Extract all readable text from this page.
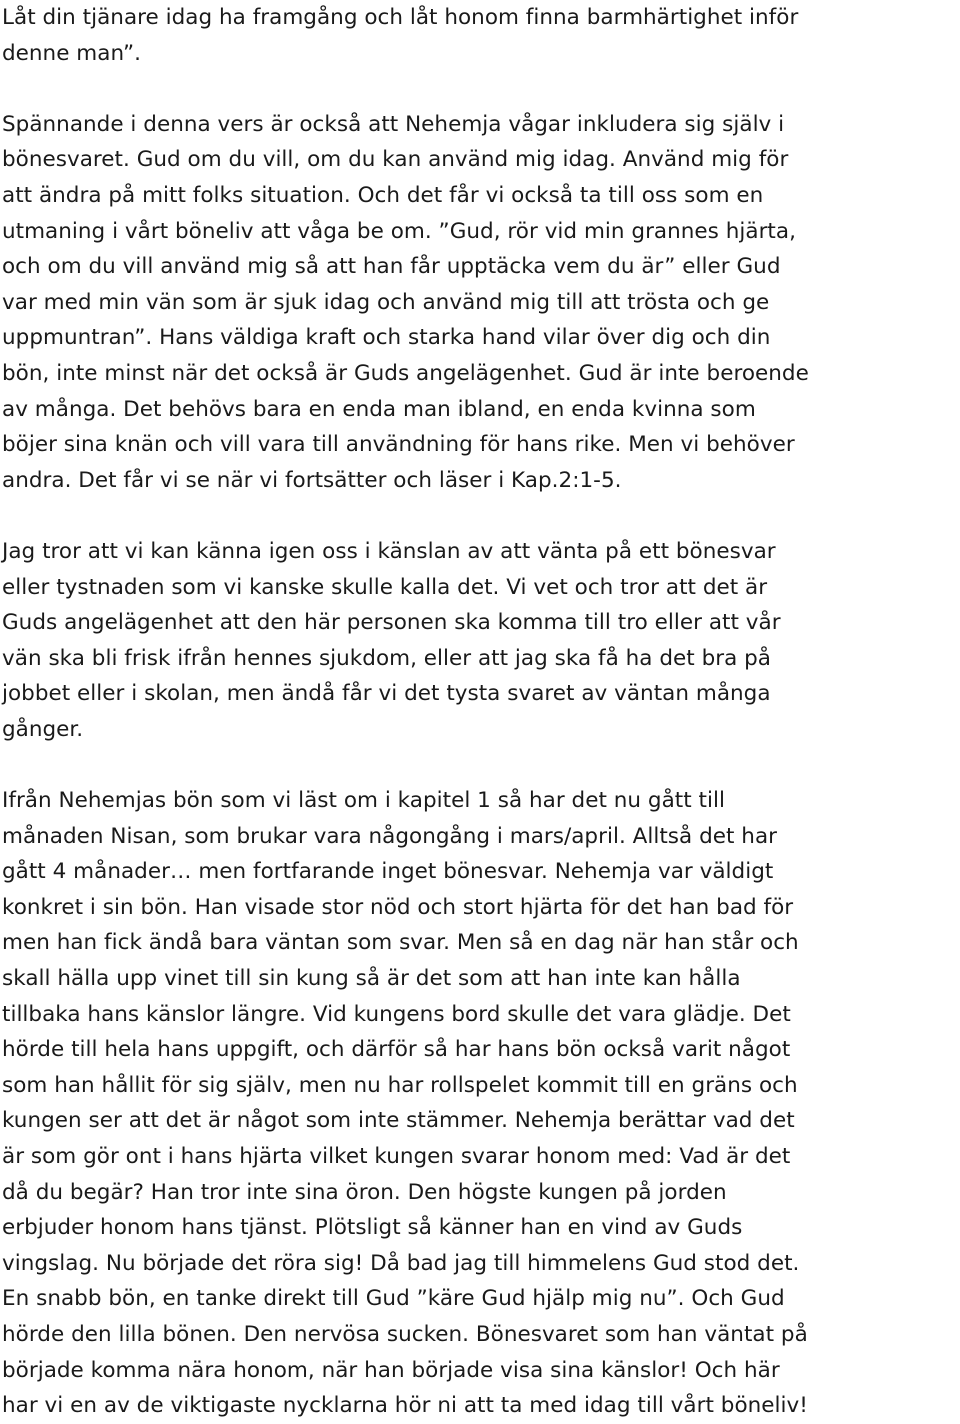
Låt din tjänare idag ha framgång och låt honom finna barmhärtighet inför
denne man”.

Spännande i denna vers är också att Nehemja vågar inkludera sig själv i
bönesvaret. Gud om du vill, om du kan använd mig idag. Använd mig för
att ändra på mitt folks situation. Och det får vi också ta till oss som en
utmaning i vårt böneliv att våga be om. ”Gud, rör vid min grannes hjärta,
och om du vill använd mig så att han får upptäcka vem du är” eller Gud
var med min vän som är sjuk idag och använd mig till att trösta och ge
uppmuntran”. Hans väldiga kraft och starka hand vilar över dig och din
bön, inte minst när det också är Guds angelägenhet. Gud är inte beroende
av många. Det behövs bara en enda man ibland, en enda kvinna som
böjer sina knän och vill vara till användning för hans rike. Men vi behöver
andra. Det får vi se när vi fortsätter och läser i Kap.2:1-5.

Jag tror att vi kan känna igen oss i känslan av att vänta på ett bönesvar
eller tystnaden som vi kanske skulle kalla det. Vi vet och tror att det är
Guds angelägenhet att den här personen ska komma till tro eller att vår
vän ska bli frisk ifrån hennes sjukdom, eller att jag ska få ha det bra på
jobbet eller i skolan, men ändå får vi det tysta svaret av väntan många
gånger.

Ifrån Nehemjas bön som vi läst om i kapitel 1 så har det nu gått till
månaden Nisan, som brukar vara någongång i mars/april. Alltså det har
gått 4 månader… men fortfarande inget bönesvar. Nehemja var väldigt
konkret i sin bön. Han visade stor nöd och stort hjärta för det han bad för
men han fick ändå bara väntan som svar. Men så en dag när han står och
skall hälla upp vinet till sin kung så är det som att han inte kan hålla
tillbaka hans känslor längre. Vid kungens bord skulle det vara glädje. Det
hörde till hela hans uppgift, och därför så har hans bön också varit något
som han hållit för sig själv, men nu har rollspelet kommit till en gräns och
kungen ser att det är något som inte stämmer. Nehemja berättar vad det
är som gör ont i hans hjärta vilket kungen svarar honom med: Vad är det
då du begär? Han tror inte sina öron. Den högste kungen på jorden
erbjuder honom hans tjänst. Plötsligt så känner han en vind av Guds
vingslag. Nu började det röra sig! Då bad jag till himmelens Gud stod det.
En snabb bön, en tanke direkt till Gud ”käre Gud hjälp mig nu”. Och Gud
hörde den lilla bönen. Den nervösa sucken. Bönesvaret som han väntat på
började komma nära honom, när han började visa sina känslor! Och här
har vi en av de viktigaste nycklarna hör ni att ta med idag till vårt böneliv!
